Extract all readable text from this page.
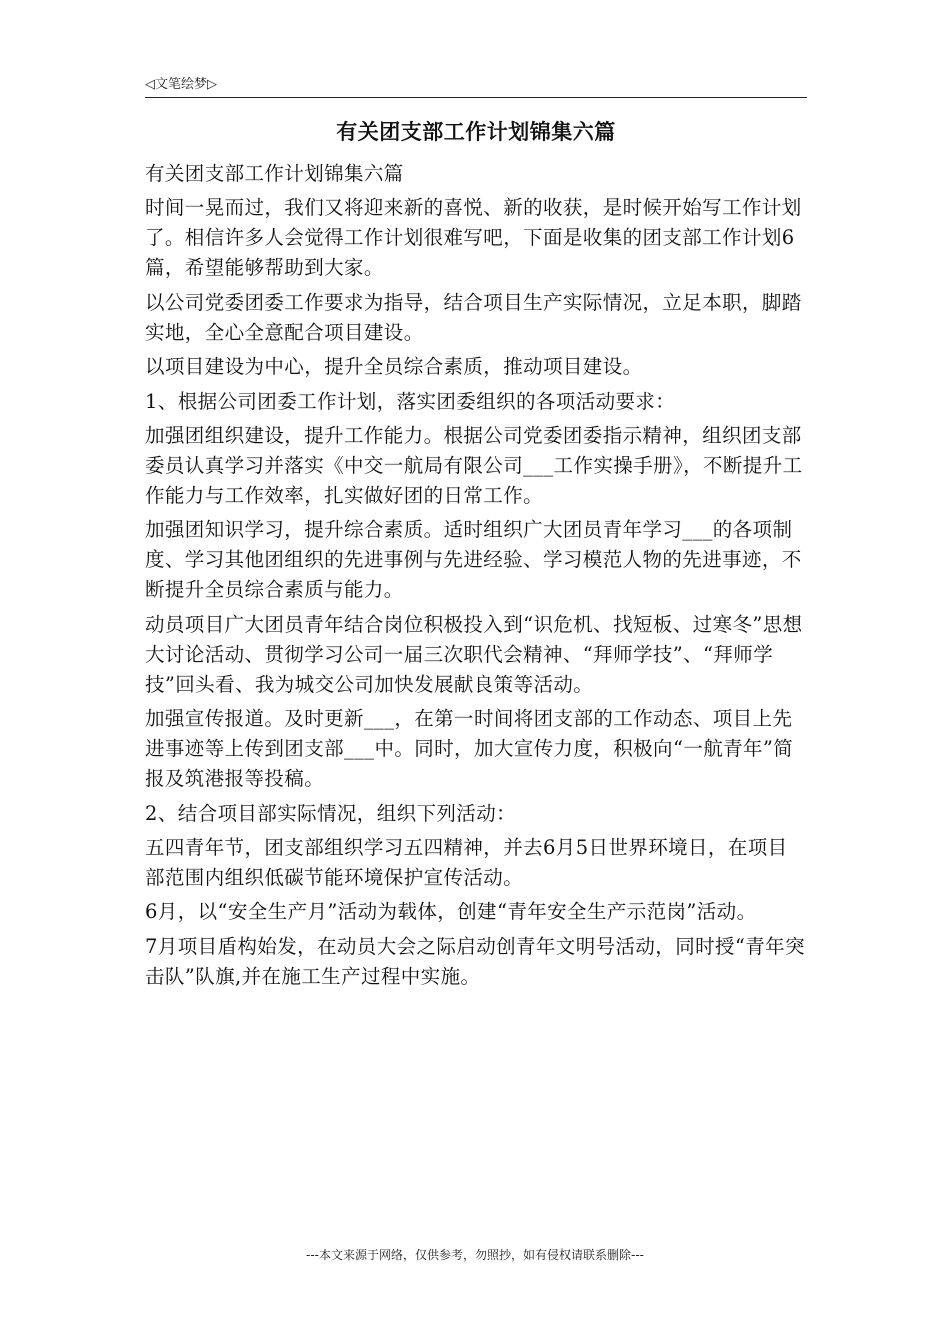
◁文笔绘梦▷
有关团支部工作计划锦集六篇

有关团支部工作计划锦集六篇

时间一晃而过，我们又将迎来新的喜悦、新的收获，是时候开始写工作计划了。相信许多人会觉得工作计划很难写吧，下面是收集的团支部工作计划6篇，希望能够帮助到大家。

以公司党委团委工作要求为指导，结合项目生产实际情况，立足本职，脚踏实地，全心全意配合项目建设。

以项目建设为中心，提升全员综合素质，推动项目建设。

1、根据公司团委工作计划，落实团委组织的各项活动要求：

加强团组织建设，提升工作能力。根据公司党委团委指示精神，组织团支部委员认真学习并落实《中交一航局有限公司___工作实操手册》，不断提升工作能力与工作效率，扎实做好团的日常工作。

加强团知识学习，提升综合素质。适时组织广大团员青年学习___的各项制度、学习其他团组织的先进事例与先进经验、学习模范人物的先进事迹，不断提升全员综合素质与能力。

动员项目广大团员青年结合岗位积极投入到“识危机、找短板、过寒冬”思想大讨论活动、贯彻学习公司一届三次职代会精神、“拜师学技”、“拜师学技”回头看、我为城交公司加快发展献良策等活动。

加强宣传报道。及时更新___，在第一时间将团支部的工作动态、项目上先进事迹等上传到团支部___中。同时，加大宣传力度，积极向“一航青年”简报及筑港报等投稿。

2、结合项目部实际情况，组织下列活动：

五四青年节，团支部组织学习五四精神，并去6月5日世界环境日，在项目部范围内组织低碳节能环境保护宣传活动。

6月，以“安全生产月”活动为载体，创建“青年安全生产示范岗”活动。

7月项目盾构始发，在动员大会之际启动创青年文明号活动，同时授“青年突击队”队旗,并在施工生产过程中实施。

---本文来源于网络，仅供参考，勿照抄，如有侵权请联系删除---
